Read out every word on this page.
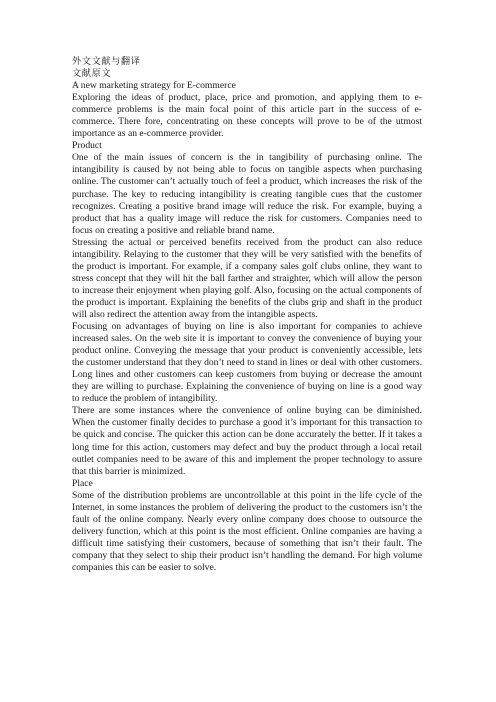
外文文献与翻译

文献原文

A new marketing strategy for E-commerce

Exploring the ideas of product, place, price and promotion, and applying them to e-commerce problems is the main focal point of this article part in the success of e-commerce. There fore, concentrating on these concepts will prove to be of the utmost importance as an e-commerce provider.

Product

One of the main issues of concern is the in tangibility of purchasing online. The intangibility is caused by not being able to focus on tangible aspects when purchasing online. The customer can’t actually touch of feel a product, which increases the risk of the purchase. The key to reducing intangibility is creating tangible cues that the customer recognizes. Creating a positive brand image will reduce the risk. For example, buying a product that has a quality image will reduce the risk for customers. Companies need to focus on creating a positive and reliable brand name.

Stressing the actual or perceived benefits received from the product can also reduce intangibility. Relaying to the customer that they will be very satisfied with the benefits of the product is important. For example, if a company sales golf clubs online, they want to stress concept that they will hit the ball farther and straighter, which will allow the person to increase their enjoyment when playing golf. Also, focusing on the actual components of the product is important. Explaining the benefits of the clubs grip and shaft in the product will also redirect the attention away from the intangible aspects.

Focusing on advantages of buying on line is also important for companies to achieve increased sales. On the web site it is important to convey the convenience of buying your product online. Conveying the message that your product is conveniently accessible, lets the customer understand that they don’t need to stand in lines or deal with other customers. Long lines and other customers can keep customers from buying or decrease the amount they are willing to purchase. Explaining the convenience of buying on line is a good way to reduce the problem of intangibility.

There are some instances where the convenience of online buying can be diminished. When the customer finally decides to purchase a good it’s important for this transaction to be quick and concise. The quicker this action can be done accurately the better. If it takes a long time for this action, customers may defect and buy the product through a local retail outlet companies need to be aware of this and implement the proper technology to assure that this barrier is minimized.

Place

Some of the distribution problems are uncontrollable at this point in the life cycle of the Internet, in some instances the problem of delivering the product to the customers isn’t the fault of the online company. Nearly every online company does choose to outsource the delivery function, which at this point is the most efficient. Online companies are having a difficult time satisfying their customers, because of something that isn’t their fault. The company that they select to ship their product isn’t handling the demand. For high volume companies this can be easier to solve.
